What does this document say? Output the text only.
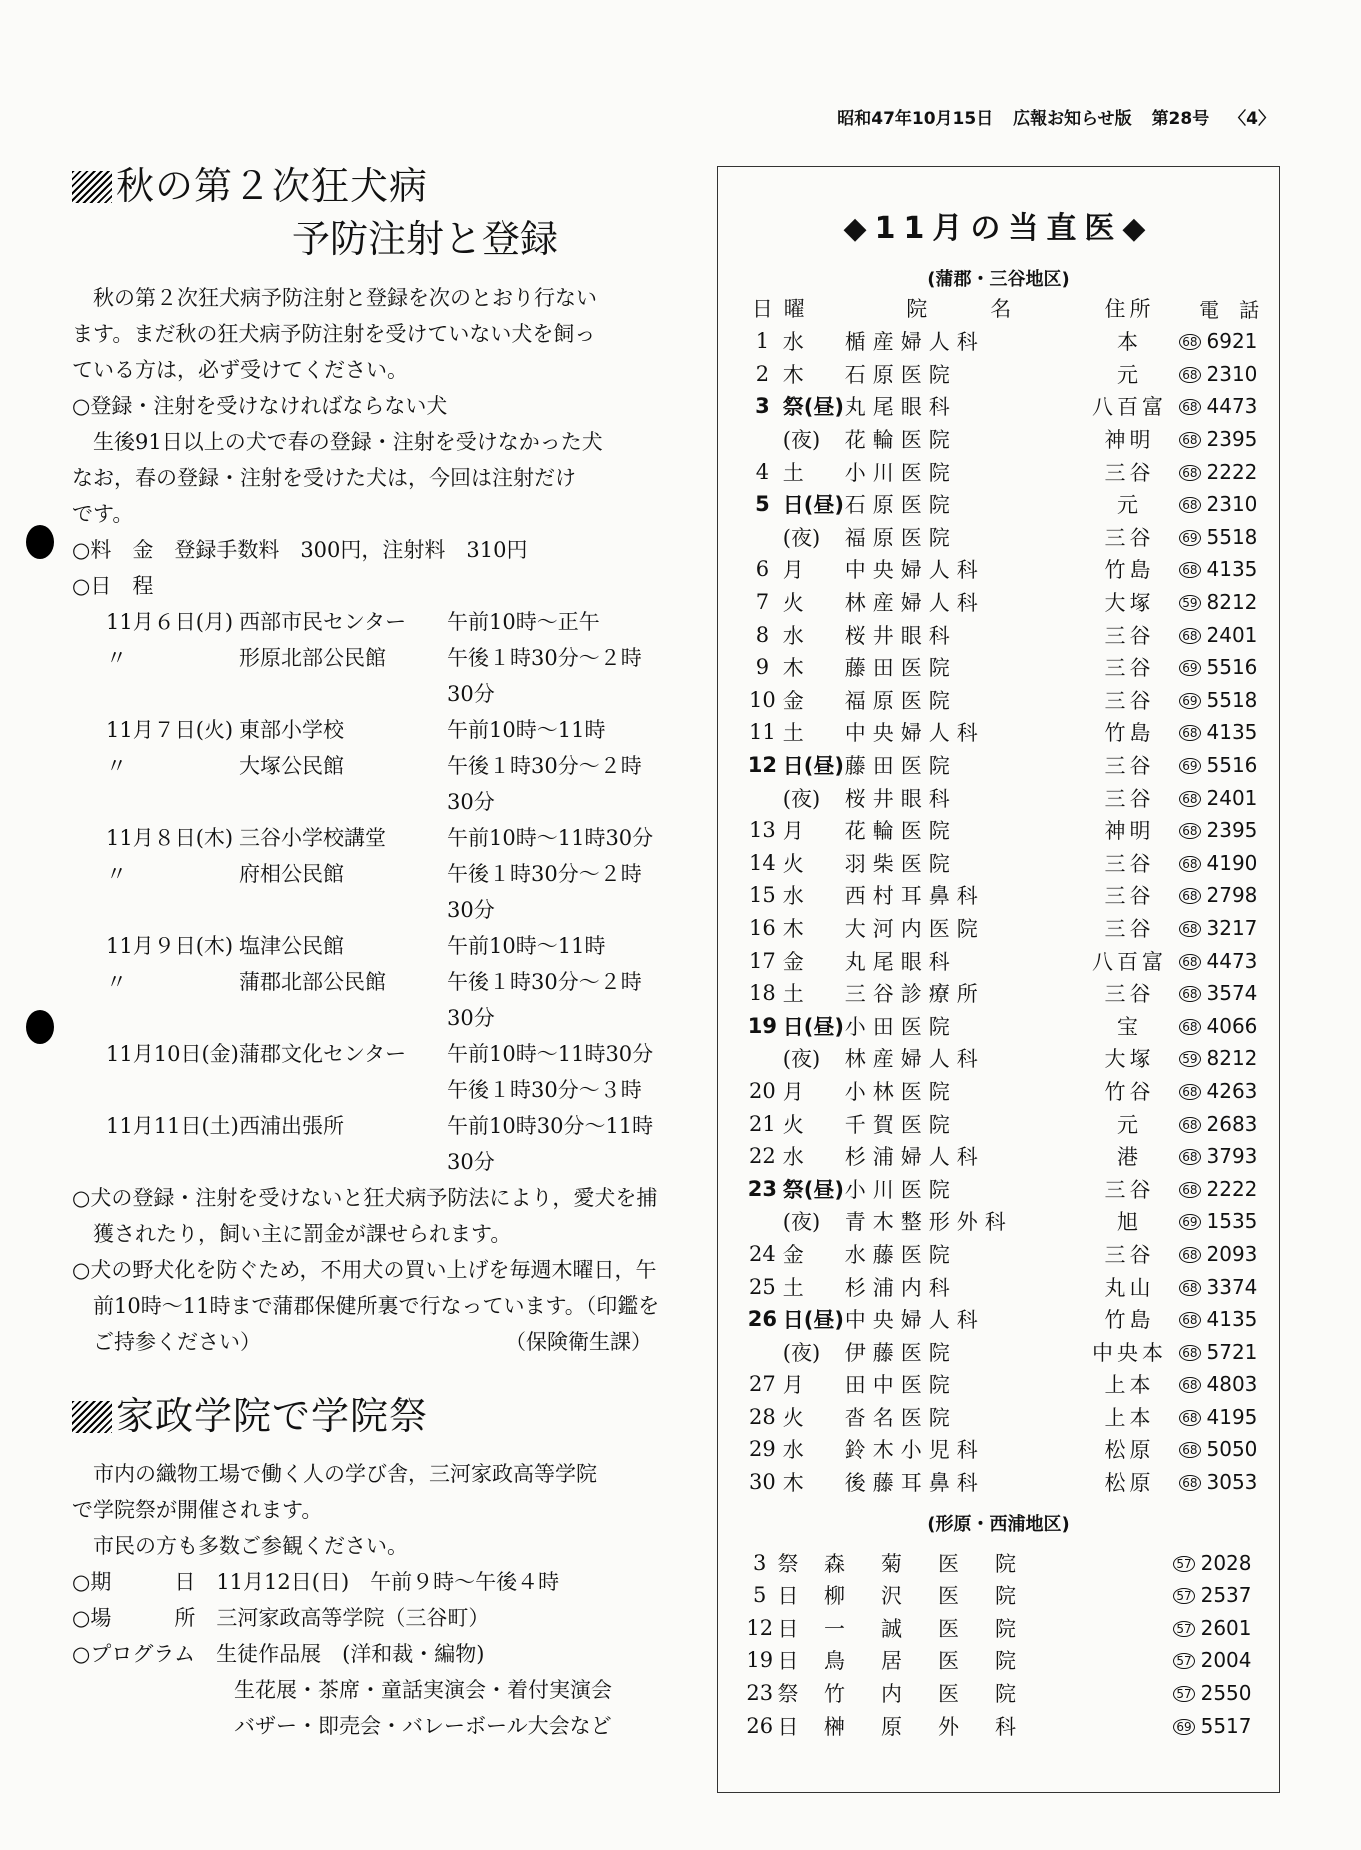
昭和47年10月15日 広報お知らせ版 第28号 〈4〉
秋の第２次狂犬病
予防注射と登録
秋の第２次狂犬病予防注射と登録を次のとおり行ない
ます。まだ秋の狂犬病予防注射を受けていない犬を飼っ
ている方は，必ず受けてください。
○登録・注射を受けなければならない犬
生後91日以上の犬で春の登録・注射を受けなかった犬
なお，春の登録・注射を受けた犬は，今回は注射だけ
です。
○料　金　登録手数料　300円，注射料　310円
○日　程
11月６日(月) 西部市民センター	午前10時〜正午
〃	形原北部公民館	午後１時30分〜２時
30分
11月７日(火) 東部小学校	午前10時〜11時
〃	大塚公民館	午後１時30分〜２時
30分
11月８日(木) 三谷小学校講堂	午前10時〜11時30分
〃	府相公民館	午後１時30分〜２時
30分
11月９日(木) 塩津公民館	午前10時〜11時
〃	蒲郡北部公民館	午後１時30分〜２時
30分
11月10日(金) 蒲郡文化センター	午前10時〜11時30分
午後１時30分〜３時
11月11日(土) 西浦出張所	午前10時30分〜11時
30分
○犬の登録・注射を受けないと狂犬病予防法により，愛犬を捕獲されたり，飼い主に罰金が課せられます。
○犬の野犬化を防ぐため，不用犬の買い上げを毎週木曜日，午前10時〜11時まで蒲郡保健所裏で行なっています。（印鑑をご持参ください）	（保険衛生課）
家政学院で学院祭
市内の織物工場で働く人の学び舎，三河家政高等学院
で学院祭が開催されます。
市民の方も多数ご参観ください。
○期　　　日　11月12日(日)　午前９時〜午後４時
○場　　　所　三河家政高等学院（三谷町）
○プログラム　生徒作品展　(洋和裁・編物)
生花展・茶席・童話実演会・着付実演会
バザー・即売会・バレーボール大会など
◆11月の当直医◆
(蒲郡・三谷地区)
日	曜	院　　名	住所	電　話
1	水	楯産婦人科	本	68 6921
2	木	石原医院	元	68 2310
3	祭(昼)	丸尾眼科	八百富	68 4473
	(夜)	花輪医院	神明	68 2395
4	土	小川医院	三谷	68 2222
5	日(昼)	石原医院	元	68 2310
	(夜)	福原医院	三谷	69 5518
6	月	中央婦人科	竹島	68 4135
7	火	林産婦人科	大塚	59 8212
8	水	桜井眼科	三谷	68 2401
9	木	藤田医院	三谷	69 5516
10	金	福原医院	三谷	69 5518
11	土	中央婦人科	竹島	68 4135
12	日(昼)	藤田医院	三谷	69 5516
	(夜)	桜井眼科	三谷	68 2401
13	月	花輪医院	神明	68 2395
14	火	羽柴医院	三谷	68 4190
15	水	西村耳鼻科	三谷	68 2798
16	木	大河内医院	三谷	68 3217
17	金	丸尾眼科	八百富	68 4473
18	土	三谷診療所	三谷	68 3574
19	日(昼)	小田医院	宝	68 4066
	(夜)	林産婦人科	大塚	59 8212
20	月	小林医院	竹谷	68 4263
21	火	千賀医院	元	68 2683
22	水	杉浦婦人科	港	68 3793
23	祭(昼)	小川医院	三谷	68 2222
	(夜)	青木整形外科	旭	69 1535
24	金	水藤医院	三谷	68 2093
25	土	杉浦内科	丸山	68 3374
26	日(昼)	中央婦人科	竹島	68 4135
	(夜)	伊藤医院	中央本	68 5721
27	月	田中医院	上本	68 4803
28	火	沓名医院	上本	68 4195
29	水	鈴木小児科	松原	68 5050
30	木	後藤耳鼻科	松原	68 3053
(形原・西浦地区)
3	祭	森菊医院	57 2028
5	日	柳沢医院	57 2537
12	日	一誠医院	57 2601
19	日	鳥居医院	57 2004
23	祭	竹内医院	57 2550
26	日	榊原外科	69 5517
